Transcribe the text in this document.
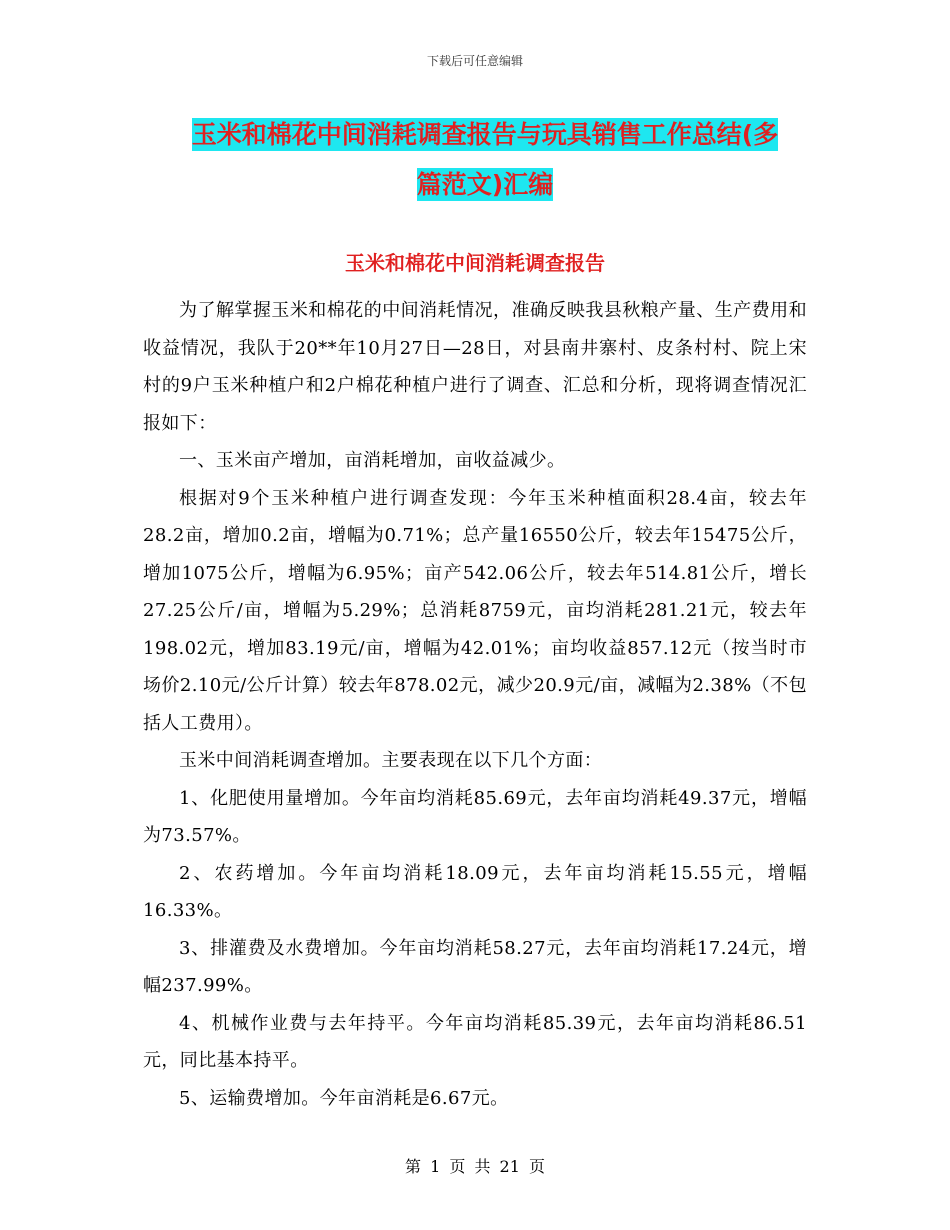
下载后可任意编辑
玉米和棉花中间消耗调查报告与玩具销售工作总结(多
篇范文)汇编
玉米和棉花中间消耗调查报告

为了解掌握玉米和棉花的中间消耗情况，准确反映我县秋粮产量、生产费用和收益情况，我队于20**年10月27日—28日，对县南井寨村、皮条村村、院上宋村的9户玉米种植户和2户棉花种植户进行了调查、汇总和分析，现将调查情况汇报如下：

一、玉米亩产增加，亩消耗增加，亩收益减少。

根据对9个玉米种植户进行调查发现：今年玉米种植面积28.4亩，较去年28.2亩，增加0.2亩，增幅为0.71%；总产量16550公斤，较去年15475公斤，增加1075公斤，增幅为6.95%；亩产542.06公斤，较去年514.81公斤，增长27.25公斤/亩，增幅为5.29%；总消耗8759元，亩均消耗281.21元，较去年198.02元，增加83.19元/亩，增幅为42.01%；亩均收益857.12元（按当时市场价2.10元/公斤计算）较去年878.02元，减少20.9元/亩，减幅为2.38%（不包括人工费用）。

玉米中间消耗调查增加。主要表现在以下几个方面：

1、化肥使用量增加。今年亩均消耗85.69元，去年亩均消耗49.37元，增幅为73.57%。

2、农药增加。今年亩均消耗18.09元，去年亩均消耗15.55元，增幅16.33%。

3、排灌费及水费增加。今年亩均消耗58.27元，去年亩均消耗17.24元，增幅237.99%。

4、机械作业费与去年持平。今年亩均消耗85.39元，去年亩均消耗86.51元，同比基本持平。

5、运输费增加。今年亩消耗是6.67元。

第 1 页 共 21 页
